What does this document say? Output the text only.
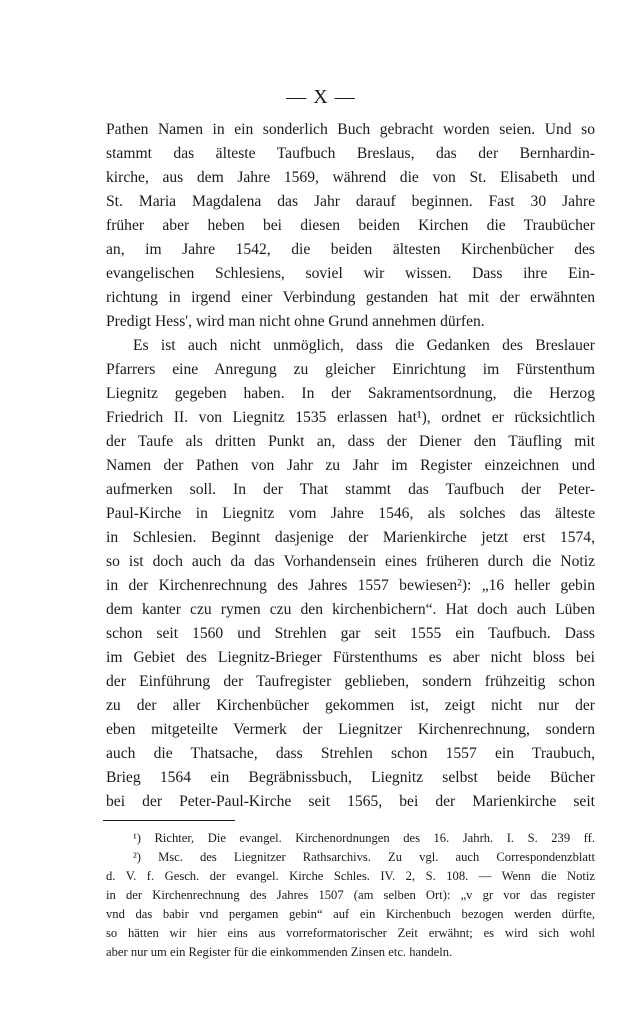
— X —
Pathen Namen in ein sonderlich Buch gebracht worden seien. Und so
stammt das älteste Taufbuch Breslaus, das der Bernhardin-
kirche, aus dem Jahre 1569, während die von St. Elisabeth und
St. Maria Magdalena das Jahr darauf beginnen. Fast 30 Jahre
früher aber heben bei diesen beiden Kirchen die Traubücher
an, im Jahre 1542, die beiden ältesten Kirchenbücher des
evangelischen Schlesiens, soviel wir wissen. Dass ihre Ein-
richtung in irgend einer Verbindung gestanden hat mit der erwähnten
Predigt Hess', wird man nicht ohne Grund annehmen dürfen.
Es ist auch nicht unmöglich, dass die Gedanken des Breslauer
Pfarrers eine Anregung zu gleicher Einrichtung im Fürstenthum
Liegnitz gegeben haben. In der Sakramentsordnung, die Herzog
Friedrich II. von Liegnitz 1535 erlassen hat¹), ordnet er rücksichtlich
der Taufe als dritten Punkt an, dass der Diener den Täufling mit
Namen der Pathen von Jahr zu Jahr im Register einzeichnen und
aufmerken soll. In der That stammt das Taufbuch der Peter-
Paul-Kirche in Liegnitz vom Jahre 1546, als solches das älteste
in Schlesien. Beginnt dasjenige der Marienkirche jetzt erst 1574,
so ist doch auch da das Vorhandensein eines früheren durch die Notiz
in der Kirchenrechnung des Jahres 1557 bewiesen²): „16 heller gebin
dem kanter czu rymen czu den kirchenbichern“. Hat doch auch Lüben
schon seit 1560 und Strehlen gar seit 1555 ein Taufbuch. Dass
im Gebiet des Liegnitz-Brieger Fürstenthums es aber nicht bloss bei
der Einführung der Taufregister geblieben, sondern frühzeitig schon
zu der aller Kirchenbücher gekommen ist, zeigt nicht nur der
eben mitgeteilte Vermerk der Liegnitzer Kirchenrechnung, sondern
auch die Thatsache, dass Strehlen schon 1557 ein Traubuch,
Brieg 1564 ein Begräbnissbuch, Liegnitz selbst beide Bücher
bei der Peter-Paul-Kirche seit 1565, bei der Marienkirche seit
¹) Richter, Die evangel. Kirchenordnungen des 16. Jahrh. I. S. 239 ff.
²) Msc. des Liegnitzer Rathsarchivs. Zu vgl. auch Correspondenzblatt
d. V. f. Gesch. der evangel. Kirche Schles. IV. 2, S. 108. — Wenn die Notiz
in der Kirchenrechnung des Jahres 1507 (am selben Ort): „v gr vor das register
vnd das babir vnd pergamen gebin“ auf ein Kirchenbuch bezogen werden dürfte,
so hätten wir hier eins aus vorreformatorischer Zeit erwähnt; es wird sich wohl
aber nur um ein Register für die einkommenden Zinsen etc. handeln.
